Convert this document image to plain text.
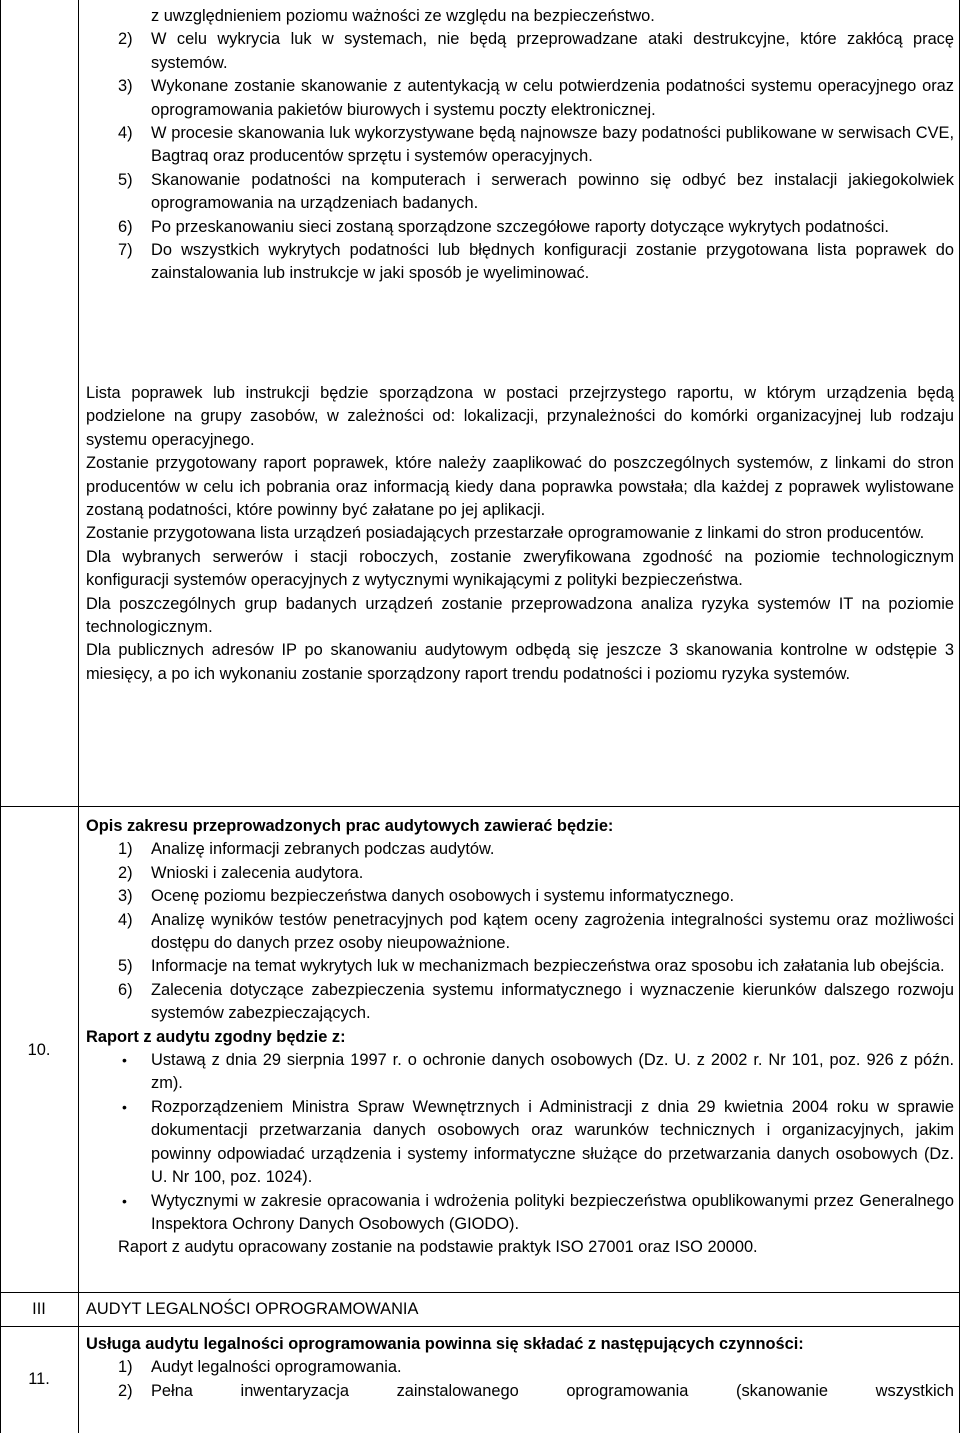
z uwzględnieniem poziomu ważności ze względu na bezpieczeństwo.

2) W celu wykrycia luk w systemach, nie będą przeprowadzane ataki destrukcyjne, które zakłócą pracę systemów.
3) Wykonane zostanie skanowanie z autentykacją w celu potwierdzenia podatności systemu operacyjnego oraz oprogramowania pakietów biurowych i systemu poczty elektronicznej.
4) W procesie skanowania luk wykorzystywane będą najnowsze bazy podatności publikowane w serwisach CVE, Bagtraq oraz producentów sprzętu i systemów operacyjnych.
5) Skanowanie podatności na komputerach i serwerach powinno się odbyć bez instalacji jakiegokolwiek oprogramowania na urządzeniach badanych.
6) Po przeskanowaniu sieci zostaną sporządzone szczegółowe raporty dotyczące wykrytych podatności.
7) Do wszystkich wykrytych podatności lub błędnych konfiguracji zostanie przygotowana lista poprawek do zainstalowania lub instrukcje w jaki sposób je wyeliminować.

Lista poprawek lub instrukcji będzie sporządzona w postaci przejrzystego raportu, w którym urządzenia będą podzielone na grupy zasobów, w zależności od: lokalizacji, przynależności do komórki organizacyjnej lub rodzaju systemu operacyjnego.

Zostanie przygotowany raport poprawek, które należy zaaplikować do poszczególnych systemów, z linkami do stron producentów w celu ich pobrania oraz informacją kiedy dana poprawka powstała; dla każdej z poprawek wylistowane zostaną podatności, które powinny być załatane po jej aplikacji.

Zostanie przygotowana lista urządzeń posiadających przestarzałe oprogramowanie z linkami do stron producentów.

Dla wybranych serwerów i stacji roboczych, zostanie zweryfikowana zgodność na poziomie technologicznym konfiguracji systemów operacyjnych z wytycznymi wynikającymi z polityki bezpieczeństwa.

Dla poszczególnych grup badanych urządzeń zostanie przeprowadzona analiza ryzyka systemów IT na poziomie technologicznym.

Dla publicznych adresów IP po skanowaniu audytowym odbędą się jeszcze 3 skanowania kontrolne w odstępie 3 miesięcy, a po ich wykonaniu zostanie sporządzony raport trendu podatności i poziomu ryzyka systemów.

10.

Opis zakresu przeprowadzonych prac audytowych zawierać będzie:

1) Analizę informacji zebranych podczas audytów.
2) Wnioski i zalecenia audytora.
3) Ocenę poziomu bezpieczeństwa danych osobowych i systemu informatycznego.
4) Analizę wyników testów penetracyjnych pod kątem oceny zagrożenia integralności systemu oraz możliwości dostępu do danych przez osoby nieupoważnione.
5) Informacje na temat wykrytych luk w mechanizmach bezpieczeństwa oraz sposobu ich załatania lub obejścia.
6) Zalecenia dotyczące zabezpieczenia systemu informatycznego i wyznaczenie kierunków dalszego rozwoju systemów zabezpieczających.

Raport z audytu zgodny będzie z:

• Ustawą z dnia 29 sierpnia 1997 r. o ochronie danych osobowych (Dz. U. z 2002 r. Nr 101, poz. 926 z późn. zm).
• Rozporządzeniem Ministra Spraw Wewnętrznych i Administracji z dnia 29 kwietnia 2004 roku w sprawie dokumentacji przetwarzania danych osobowych oraz warunków technicznych i organizacyjnych, jakim powinny odpowiadać urządzenia i systemy informatyczne służące do przetwarzania danych osobowych (Dz. U. Nr 100, poz. 1024).
• Wytycznymi w zakresie opracowania i wdrożenia polityki bezpieczeństwa opublikowanymi przez Generalnego Inspektora Ochrony Danych Osobowych (GIODO).

Raport z audytu opracowany zostanie na podstawie praktyk ISO 27001 oraz ISO 20000.

III	AUDYT LEGALNOŚCI OPROGRAMOWANIA
11.

Usługa audytu legalności oprogramowania powinna się składać z następujących czynności:

1) Audyt legalności oprogramowania.
2) Pełna inwentaryzacja zainstalowanego oprogramowania (skanowanie wszystkich
